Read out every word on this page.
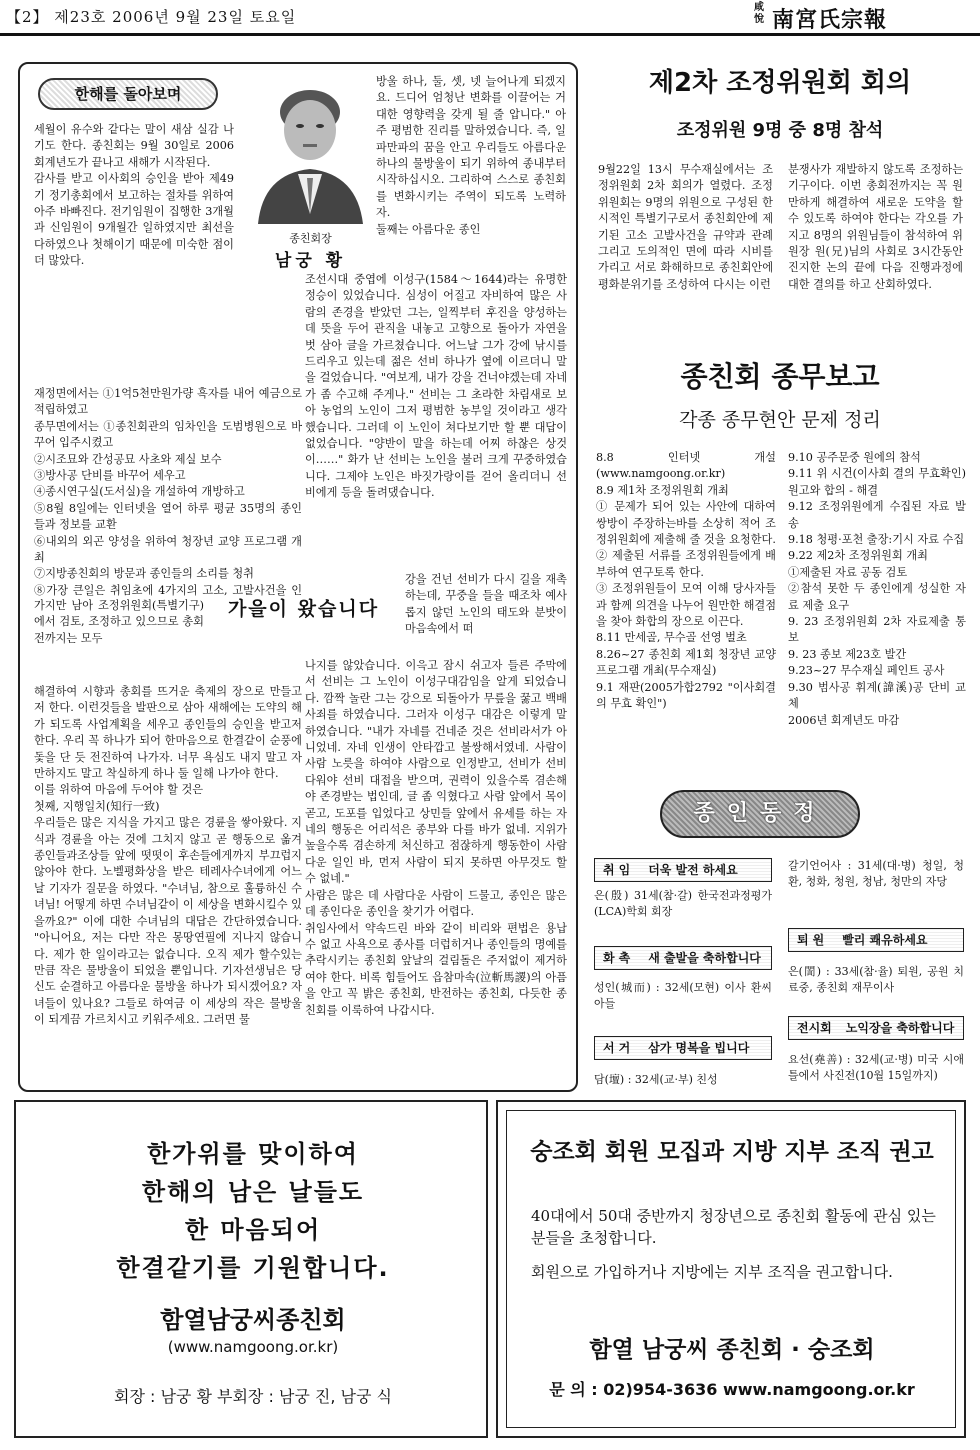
【2】 제23호 2006년 9월 23일 토요일
咸悅 南宮氏宗報
한해를 돌아보며
종친회장
남궁 황

세월이 유수와 같다는 말이 새삼 실감 나기도 한다. 종친회는 9월 30일로 2006 회계년도가 끝나고 새해가 시작된다.

감사를 받고 이사회의 승인을 받아 제49기 정기총회에서 보고하는 절차를 위하여 아주 바빠진다. 전기임원이 집행한 3개월과 신임원이 9개월간 일하였지만 최선을 다하였으나 첫해이기 때문에 미숙한 점이 더 많았다.

재정면에서는 ①1억5천만원가량 흑자를 내어 예금으로 적립하였고

종무면에서는 ①종친회관의 임차인을 도범병원으로 바꾸어 입주시켰고

②시조묘와 간성공묘 사초와 제실 보수

③방사공 단비를 바꾸어 세우고

④종시연구실(도서실)을 개설하여 개방하고

⑤8월 8일에는 인터넷을 열어 하루 평균 35명의 종인들과 정보를 교환

⑥내외의 외곤 양성을 위하여 청장년 교양 프로그램 개최

⑦지방종친회의 방문과 종인들의 소리를 청취

⑧가장 큰일은 취임초에 4가지의 고소, 고발사건을 인

가지만 남아 조정위원회(특별기구)에서 검토, 조정하고 있으므로 총회전까지는 모두

가을이 왔습니다

해결하여 시향과 총회를 뜨거운 축제의 장으로 만들고저 한다. 이런것들을 발판으로 삼아 새해에는 도약의 해가 되도록 사업계획을 세우고 종인들의 승인을 받고저 한다. 우리 꼭 하나가 되어 한마음으로 한결같이 순풍에 돛을 단 듯 전진하여 나가자. 너무 욕심도 내지 말고 자만하지도 말고 착실하게 하나 둘 일해 나가야 한다.

이를 위하여 마음에 두어야 할 것은

첫째, 지행일치(知行一致)

우리들은 많은 지식을 가지고 많은 경륜을 쌓아왔다. 지식과 경륜을 아는 것에 그치지 않고 곧 행동으로 옮겨 종인들과조상들 앞에 떳떳이 후손들에게까지 부끄럽지 않아야 한다. 노벨평화상을 받은 테레사수녀에게 어느날 기자가 질문을 하였다. "수녀님, 참으로 훌륭하신 수녀님! 어떻게 하면 수녀님같이 이 세상을 변화시킬수 있을까요?" 이에 대한 수녀님의 대답은 간단하였습니다. "아니어요, 저는 다만 작은 몽땅연필에 지나지 않습니다. 제가 한 일이라고는 없습니다. 오직 제가 할수있는 만큼 작은 물방울이 되었을 뿐입니다. 기자선생님은 당신도 순결하고 아름다운 물방울 하나가 되시겠어요? 자녀들이 있나요? 그들로 하여금 이 세상의 작은 물방울이 되게끔 가르치시고 키워주세요. 그러면 물

방울 하나, 둘, 셋, 넷 늘어나게 되겠지요. 드디어 엄청난 변화를 이끌어는 거대한 영향력을 갖게 될 줄 압니다." 아주 평범한 진리를 말하였습니다. 즉, 일파만파의 꿈을 안고 우리들도 아름다운 하나의 물방울이 되기 위하여 종내부터 시작하십시오. 그리하여 스스로 종친회를 변화시키는 주역이 되도록 노력하자.

둘째는 아름다운 종인

조선시대 중엽에 이성구(1584～1644)라는 유명한 정승이 있었습니다. 심성이 어질고 자비하여 많은 사람의 존경을 받았던 그는, 일찍부터 후진을 양성하는 데 뜻을 두어 관직을 내놓고 고향으로 돌아가 자연을 벗 삼아 글을 가르쳤습니다. 어느날 그가 강에 낚시를 드리우고 있는데 젊은 선비 하나가 옆에 이르더니 말을 걸었습니다. "여보게, 내가 강을 건너야겠는데 자네가 좀 수고해 주게나." 선비는 그 초라한 차림새로 보아 농업의 노인이 그저 평범한 농부일 것이라고 생각했습니다. 그러데 이 노인이 쳐다보기만 할 뿐 대답이 없었습니다. "양반이 말을 하는데 어찌 하찮은 상것이……" 화가 난 선비는 노인을 불러 크게 꾸중하였습니다. 그제야 노인은 바짓가랑이를 걷어 올리더니 선비에게 등을 돌려댔습니다.

강을 건넌 선비가 다시 길을 재촉하는데, 꾸중을 들을 때조차 예사롭지 않던 노인의 태도와 분밧이 마음속에서 떠

나지를 않았습니다. 이윽고 잠시 쉬고자 들른 주막에서 선비는 그 노인이 이성구대감임을 알게 되었습니다. 깜짝 놀란 그는 강으로 되돌아가 무릎을 꿇고 백배 사죄를 하였습니다. 그러자 이성구 대감은 이렇게 말하였습니다. "내가 자네를 건네준 것은 선비라서가 아니었네. 자네 인생이 안타깝고 불쌍해서였네. 사람이 사람 노릇을 하여야 사람으로 인정받고, 선비가 선비다워야 선비 대접을 받으며, 권력이 있을수록 겸손해야 존경받는 법인데, 글 좀 익혔다고 사람 앞에서 목이 곧고, 도포를 입었다고 상민들 앞에서 유세를 하는 자네의 행동은 어리석은 종부와 다를 바가 없네. 지위가 높을수록 겸손하게 처신하고 점잖하게 행동한이 사람다운 일인 바, 먼저 사람이 되지 못하면 아무것도 할 수 없네."

사람은 많은 데 사람다운 사람이 드물고, 종인은 많은 데 종인다운 종인을 찾기가 어렵다.

취임사에서 약속드린 바와 같이 비리와 편법은 용납 수 없고 사욕으로 종사를 더럽히거나 종인들의 명예를 추락시키는 종친회 앞날의 걸림돌은 주저없이 제거하여야 한다. 비록 힘들어도 읍참마속(泣斬馬謖)의 아픔을 안고 꼭 밝은 종친회, 반전하는 종친회, 다듯한 종친회를 이룩하여 나갑시다.

제2차 조정위원회 회의
조정위원 9명 중 8명 참석
9월22일 13시 무수재실에서는 조정위원회 2차 회의가 열렸다. 조정위원회는 9명의 위원으로 구성된 한시적인 특별기구로서 종친회안에 제기된 고소 고발사건을 규약과 관례 그리고 도의적인 면에 따라 시비를 가리고 서로 화해하므로 종친회안에 평화분위기를 조성하여 다시는 이런
분쟁사가 재발하지 않도록 조정하는 기구이다. 이번 총회전까지는 꼭 원만하게 해결하여 새로운 도약을 할 수 있도록 하여야 한다는 각오를 가지고 8명의 위원님들이 참석하여 위원장 원(兄)님의 사회로 3시간동안 진지한 논의 끝에 다음 진행과정에 대한 결의를 하고 산회하였다.
종친회 종무보고
각종 종무현안 문제 정리

8.8 인터넷 개설(www.namgoong.or.kr)

8.9 제1차 조정위원회 개최

① 문제가 되어 있는 사안에 대하여 쌍방이 주장하는바를 소상히 적어 조정위원회에 제출해 줄 것을 요청한다.

② 제출된 서류를 조정위원들에게 배부하여 연구토록 한다.

③ 조정위원들이 모여 이해 당사자들과 함께 의견을 나누어 원만한 해결점을 찾아 화합의 장으로 이끈다.

8.11 만세골, 무수골 선영 벌초

8.26~27 종친회 제1회 청장년 교양 프로그램 개최(무수재실)

9.1 재판(2005가합2792 "이사회결의 무효 확인")

9.10 공주문중 원에의 참석

9.11 위 시건(이사회 결의 무효확인) 원고와 합의 - 해결

9.12 조정위원에게 수집된 자료 발송

9.18 청평·포천 출장:기시 자료 수집

9.22 제2차 조정위원회 개최

①제출된 자료 공동 검토

②참석 못한 두 종인에게 성실한 자료 제출 요구

9. 23 조정위원회 2차 자료제출 통보

9. 23 종보 제23호 발간

9.23~27 무수재실 페인트 공사

9.30 범사공 휘계(諱溪)공 단비 교체

2006년 회계년도 마감

종인동정
취임 더욱 발전 하세요
은(殷) 31세(참·갈) 한국전과정평가(LCA)학회 회장
화촉 새 출발을 축하합니다
성인(城而) : 32세(모현) 이사 환씨 아들
서거 삼가 명복을 빕니다
담(壇) : 32세(교·부) 친성
갈기언어사 : 31세(대·병) 청일, 청환, 청화, 청원, 청남, 청만의 자당
퇴원 빨리 쾌유하세요
은(誾) : 33세(참·율) 퇴원, 공원 치료중, 종친회 재무이사
전시회 노익장을 축하합니다
요선(堯善) : 32세(교·병) 미국 시애틀에서 사진전(10월 15일까지)
한가위를 맞이하여
한해의 남은 날들도
한 마음되어
한결같기를 기원합니다.
함열남궁씨종친회
(www.namgoong.or.kr)
회장 : 남궁 황 부회장 : 남궁 진, 남궁 식
숭조회 회원 모집과 지방 지부 조직 권고
40대에서 50대 중반까지 청장년으로 종친회 활동에 관심 있는 분들을 초청합니다.
회원으로 가입하거나 지방에는 지부 조직을 권고합니다.
함열 남궁씨 종친회 · 숭조회
문 의 : 02)954-3636 www.namgoong.or.kr
